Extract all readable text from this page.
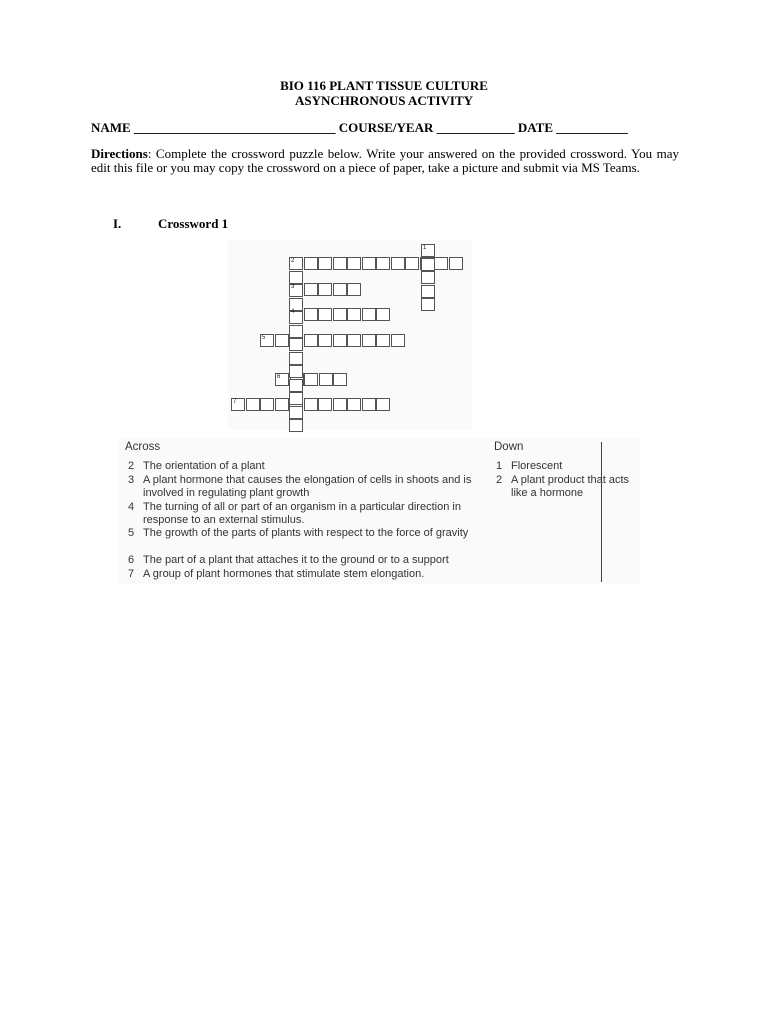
BIO 116 PLANT TISSUE CULTURE
ASYNCHRONOUS ACTIVITY
NAME _______________________________ COURSE/YEAR ____________ DATE ___________
Directions: Complete the crossword puzzle below. Write your answered on the provided crossword. You may edit this file or you may copy the crossword on a piece of paper, take a picture and submit via MS Teams.
I.	Crossword 1
1
2
3
4
5
6
7
Across	Down
2 The orientation of a plant
3 A plant hormone that causes the elongation of cells in shoots and is involved in regulating plant growth
4 The turning of all or part of an organism in a particular direction in response to an external stimulus.
5 The growth of the parts of plants with respect to the force of gravity
6 The part of a plant that attaches it to the ground or to a support
7 A group of plant hormones that stimulate stem elongation.
1 Florescent
2 A plant product that acts like a hormone
